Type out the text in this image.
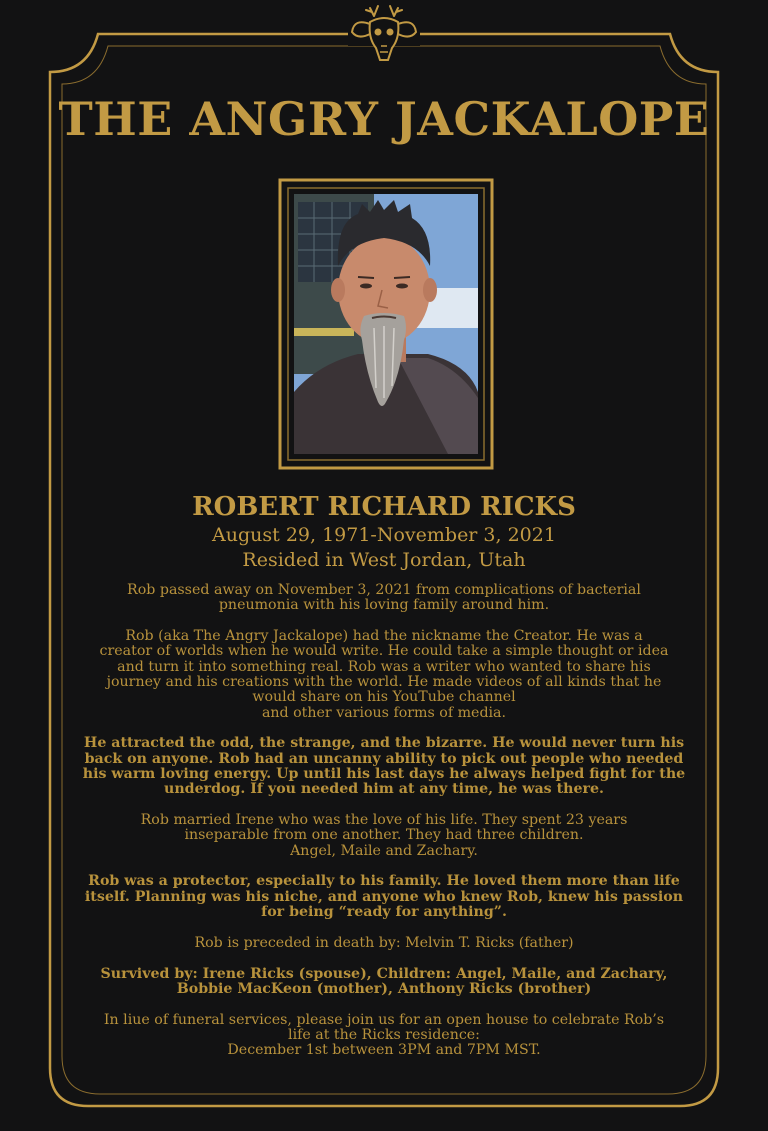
THE ANGRY JACKALOPE
ROBERT RICHARD RICKS
August 29, 1971-November 3, 2021
Resided in West Jordan, Utah

Rob passed away on November 3, 2021 from complications of bacterial
pneumonia with his loving family around him.

Rob (aka The Angry Jackalope) had the nickname the Creator. He was a
creator of worlds when he would write. He could take a simple thought or idea
and turn it into something real. Rob was a writer who wanted to share his
journey and his creations with the world. He made videos of all kinds that he
would share on his YouTube channel
and other various forms of media.

He attracted the odd, the strange, and the bizarre. He would never turn his
back on anyone. Rob had an uncanny ability to pick out people who needed
his warm loving energy. Up until his last days he always helped fight for the
underdog. If you needed him at any time, he was there.

Rob married Irene who was the love of his life. They spent 23 years
inseparable from one another. They had three children.
Angel, Maile and Zachary.

Rob was a protector, especially to his family. He loved them more than life
itself. Planning was his niche, and anyone who knew Rob, knew his passion
for being “ready for anything”.

Rob is preceded in death by: Melvin T. Ricks (father)

Survived by: Irene Ricks (spouse), Children: Angel, Maile, and Zachary,
Bobbie MacKeon (mother), Anthony Ricks (brother)

In liue of funeral services, please join us for an open house to celebrate Rob’s
life at the Ricks residence:
December 1st between 3PM and 7PM MST.
